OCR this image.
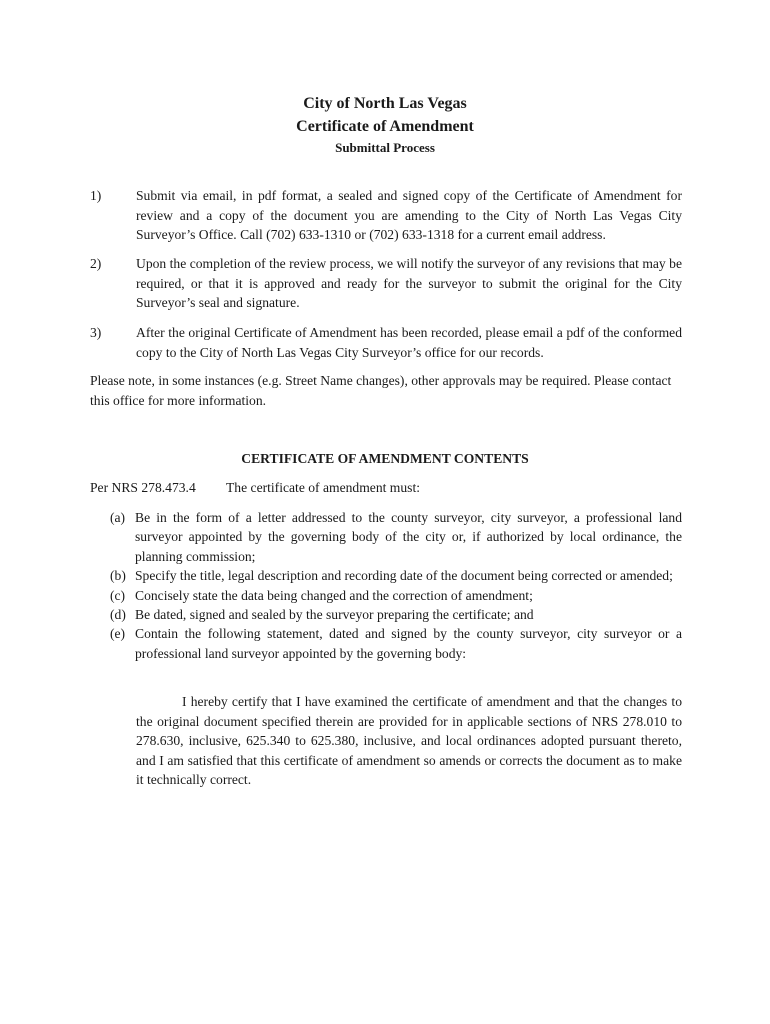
City of North Las Vegas
Certificate of Amendment
Submittal Process
1)	Submit via email, in pdf format, a sealed and signed copy of the Certificate of Amendment for review and a copy of the document you are amending to the City of North Las Vegas City Surveyor’s Office. Call (702) 633-1310 or (702) 633-1318 for a current email address.
2)	Upon the completion of the review process, we will notify the surveyor of any revisions that may be required, or that it is approved and ready for the surveyor to submit the original for the City Surveyor’s seal and signature.
3)	After the original Certificate of Amendment has been recorded, please email a pdf of the conformed copy to the City of North Las Vegas City Surveyor’s office for our records.
Please note, in some instances (e.g. Street Name changes), other approvals may be required. Please contact this office for more information.
CERTIFICATE OF AMENDMENT CONTENTS
Per NRS 278.473.4 The certificate of amendment must:
(a) Be in the form of a letter addressed to the county surveyor, city surveyor, a professional land surveyor appointed by the governing body of the city or, if authorized by local ordinance, the planning commission;
(b) Specify the title, legal description and recording date of the document being corrected or amended;
(c) Concisely state the data being changed and the correction of amendment;
(d) Be dated, signed and sealed by the surveyor preparing the certificate; and
(e) Contain the following statement, dated and signed by the county surveyor, city surveyor or a professional land surveyor appointed by the governing body:
I hereby certify that I have examined the certificate of amendment and that the changes to the original document specified therein are provided for in applicable sections of NRS 278.010 to 278.630, inclusive, 625.340 to 625.380, inclusive, and local ordinances adopted pursuant thereto, and I am satisfied that this certificate of amendment so amends or corrects the document as to make it technically correct.
